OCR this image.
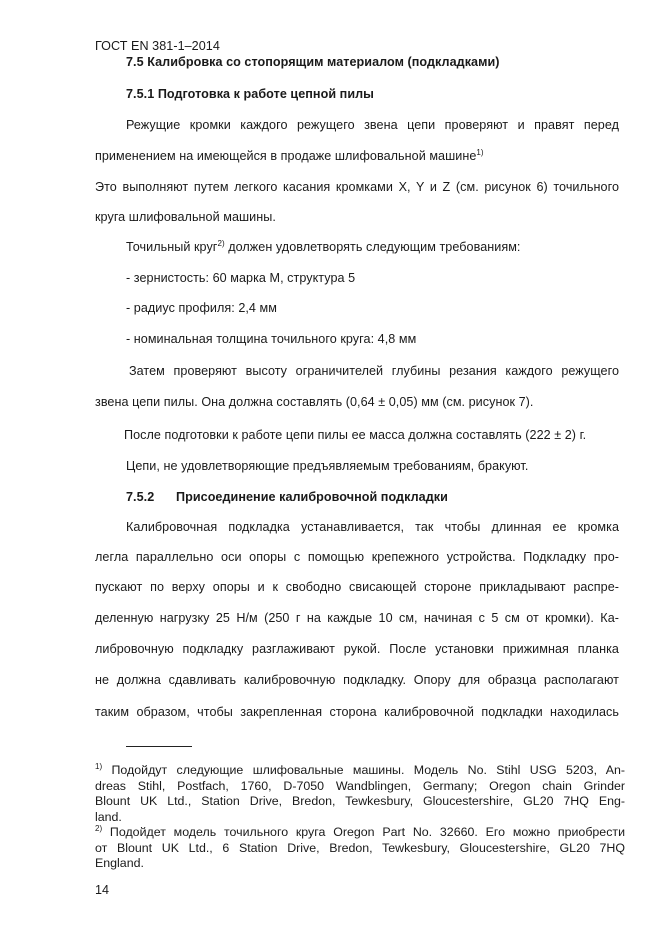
ГОСТ EN 381-1–2014
7.5 Калибровка со стопорящим материалом (подкладками)
7.5.1 Подготовка к работе цепной пилы
Режущие кромки каждого режущего звена цепи проверяют и правят перед
применением на имеющейся в продаже шлифовальной машине$^{1)}$
Это выполняют путем легкого касания кромками X, Y и Z (см. рисунок 6) точильного
круга шлифовальной машины.
Точильный круг$^{2)}$ должен удовлетворять следующим требованиям:
- зернистость: 60 марка М, структура 5
- радиус профиля: 2,4 мм
- номинальная толщина точильного круга: 4,8 мм
Затем проверяют высоту ограничителей глубины резания каждого режущего
звена цепи пилы. Она должна составлять (0,64 ± 0,05) мм (см. рисунок 7).
После подготовки к работе цепи пилы ее масса должна составлять (222 ± 2) г.
Цепи, не удовлетворяющие предъявляемым требованиям, бракуют.
7.5.2 Присоединение калибровочной подкладки
Калибровочная подкладка устанавливается, так чтобы длинная ее кромка
легла параллельно оси опоры с помощью крепежного устройства. Подкладку про-
пускают по верху опоры и к свободно свисающей стороне прикладывают распре-
деленную нагрузку 25 Н/м (250 г на каждые 10 см, начиная с 5 см от кромки). Ка-
либровочную подкладку разглаживают рукой. После установки прижимная планка
не должна сдавливать калибровочную подкладку. Опору для образца располагают
таким образом, чтобы закрепленная сторона калибровочной подкладки находилась
$^{1)}$ Подойдут следующие шлифовальные машины. Модель No. Stihl USG 5203, An-
dreas Stihl, Postfach, 1760, D-7050 Wandblingen, Germany; Oregon chain Grinder
Blount UK Ltd., Station Drive, Bredon, Tewkesbury, Gloucestershire, GL20 7HQ Eng-
land.
$^{2)}$ Подойдет модель точильного круга Oregon Part No. 32660. Его можно приобрести
от Blount UK Ltd., 6 Station Drive, Bredon, Tewkesbury, Gloucestershire, GL20 7HQ
England.
14
